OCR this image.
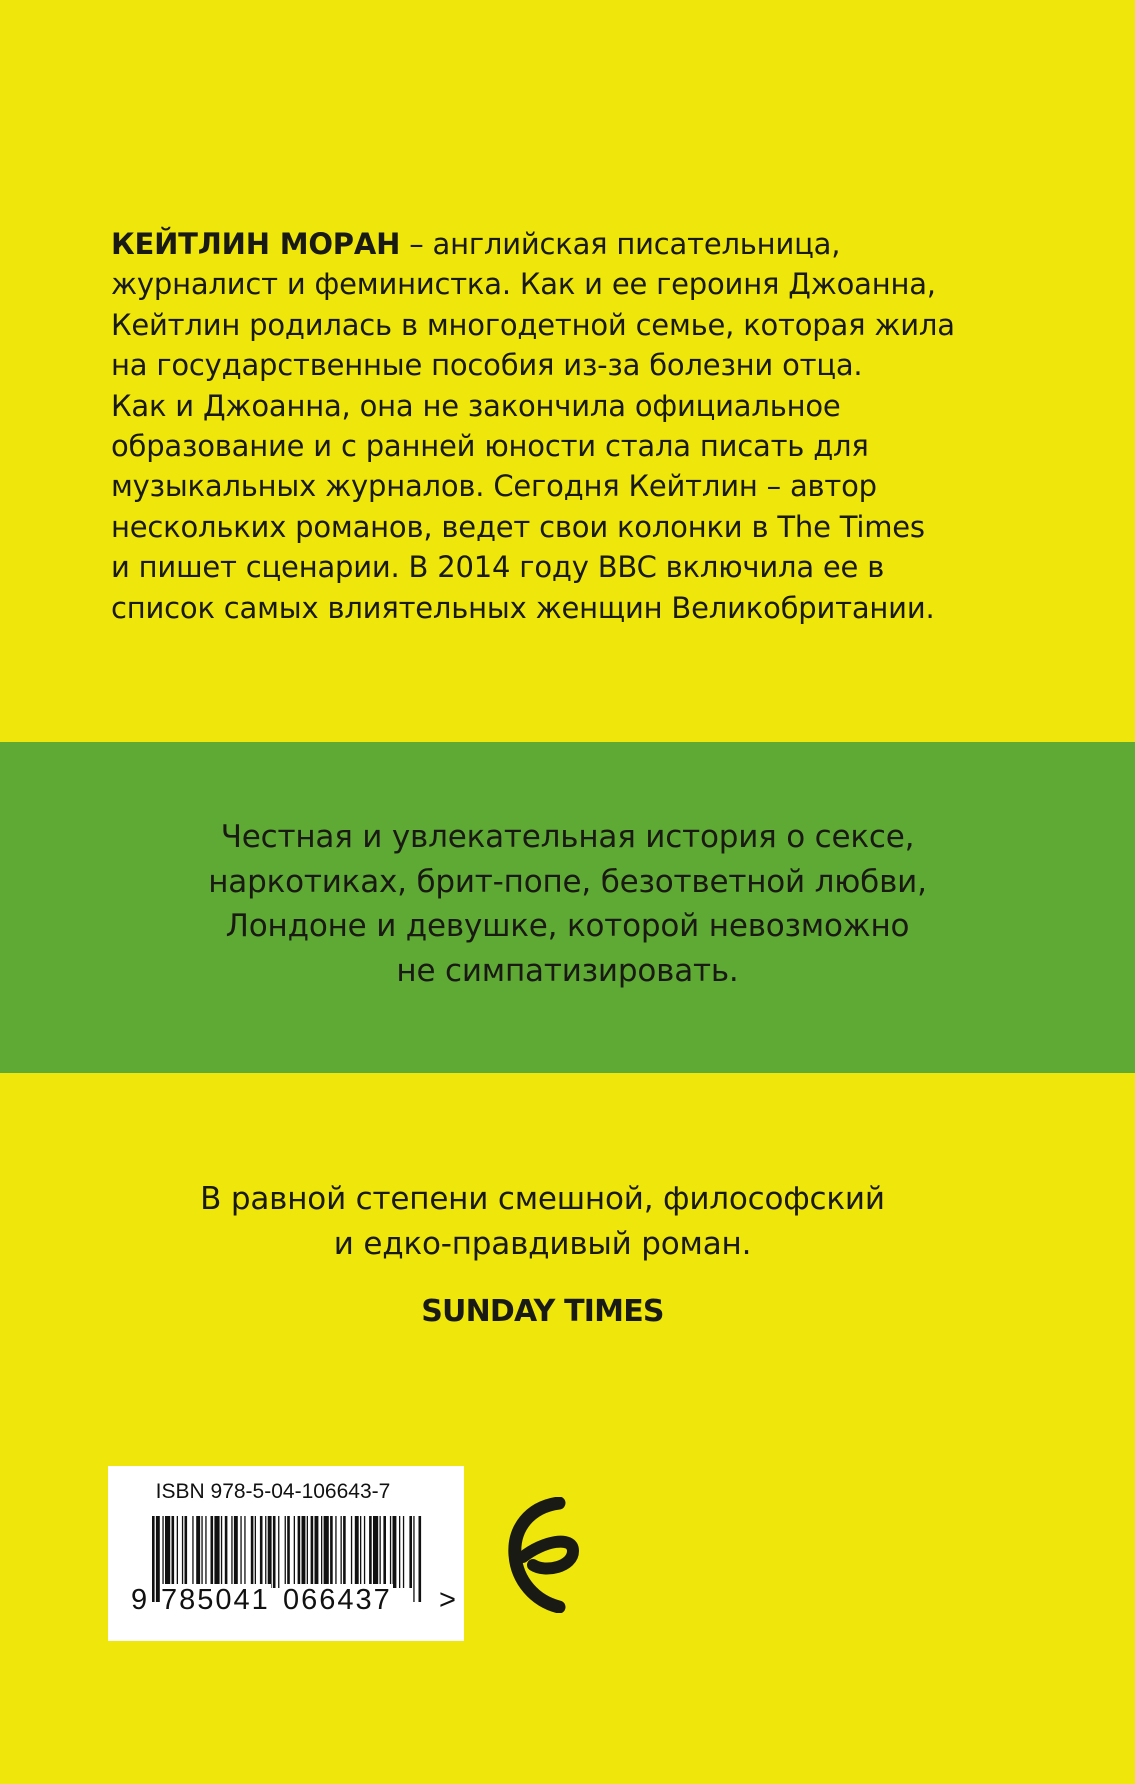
КЕЙТЛИН МОРАН – английская писательница,
журналист и феминистка. Как и ее героиня Джоанна,
Кейтлин родилась в многодетной семье, которая жила
на государственные пособия из-за болезни отца.
Как и Джоанна, она не закончила официальное
образование и с ранней юности стала писать для
музыкальных журналов. Сегодня Кейтлин – автор
нескольких романов, ведет свои колонки в The Times
и пишет сценарии. В 2014 году BBC включила ее в
список самых влиятельных женщин Великобритании.
Честная и увлекательная история о сексе,
наркотиках, брит-попе, безответной любви,
Лондоне и девушке, которой невозможно
не симпатизировать.
В равной степени смешной, философский
и едко-правдивый роман.
SUNDAY TIMES
ISBN 978-5-04-106643-7
9 785041 066437 >
